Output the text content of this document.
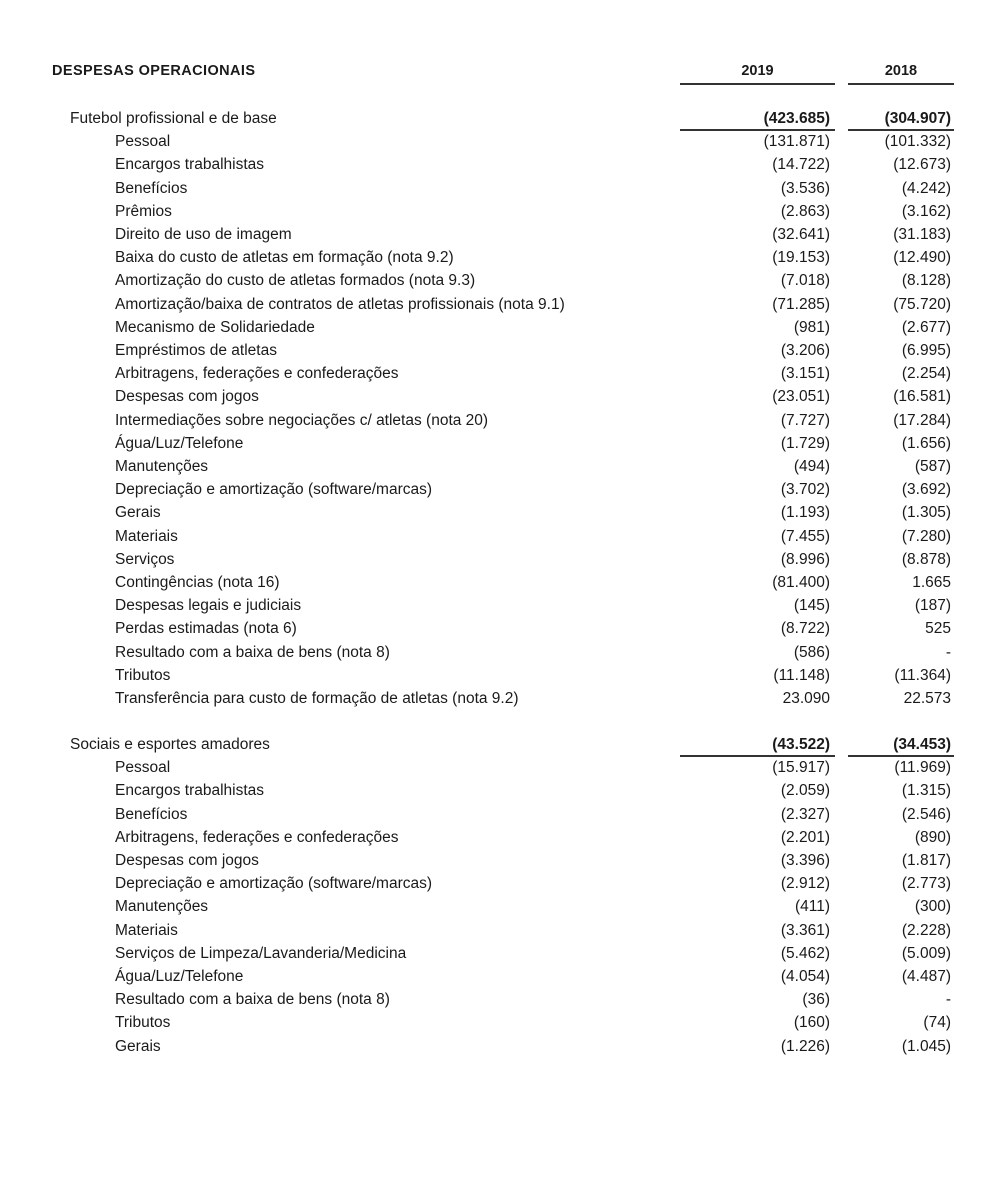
DESPESAS OPERACIONAIS	2019	2018
Futebol profissional e de base	(423.685)	(304.907)
Pessoal	(131.871)	(101.332)
Encargos trabalhistas	(14.722)	(12.673)
Benefícios	(3.536)	(4.242)
Prêmios	(2.863)	(3.162)
Direito de uso de imagem	(32.641)	(31.183)
Baixa do custo de atletas em formação (nota 9.2)	(19.153)	(12.490)
Amortização do custo de atletas formados (nota 9.3)	(7.018)	(8.128)
Amortização/baixa de contratos de atletas profissionais (nota 9.1)	(71.285)	(75.720)
Mecanismo de Solidariedade	(981)	(2.677)
Empréstimos de atletas	(3.206)	(6.995)
Arbitragens, federações e confederações	(3.151)	(2.254)
Despesas com jogos	(23.051)	(16.581)
Intermediações sobre negociações c/ atletas (nota 20)	(7.727)	(17.284)
Água/Luz/Telefone	(1.729)	(1.656)
Manutenções	(494)	(587)
Depreciação e amortização (software/marcas)	(3.702)	(3.692)
Gerais	(1.193)	(1.305)
Materiais	(7.455)	(7.280)
Serviços	(8.996)	(8.878)
Contingências (nota 16)	(81.400)	1.665
Despesas legais e judiciais	(145)	(187)
Perdas estimadas (nota 6)	(8.722)	525
Resultado com a baixa de bens (nota 8)	(586)	-
Tributos	(11.148)	(11.364)
Transferência para custo de formação de atletas (nota 9.2)	23.090	22.573
Sociais e esportes amadores	(43.522)	(34.453)
Pessoal	(15.917)	(11.969)
Encargos trabalhistas	(2.059)	(1.315)
Benefícios	(2.327)	(2.546)
Arbitragens, federações e confederações	(2.201)	(890)
Despesas com jogos	(3.396)	(1.817)
Depreciação e amortização (software/marcas)	(2.912)	(2.773)
Manutenções	(411)	(300)
Materiais	(3.361)	(2.228)
Serviços de Limpeza/Lavanderia/Medicina	(5.462)	(5.009)
Água/Luz/Telefone	(4.054)	(4.487)
Resultado com a baixa de bens (nota 8)	(36)	-
Tributos	(160)	(74)
Gerais	(1.226)	(1.045)
